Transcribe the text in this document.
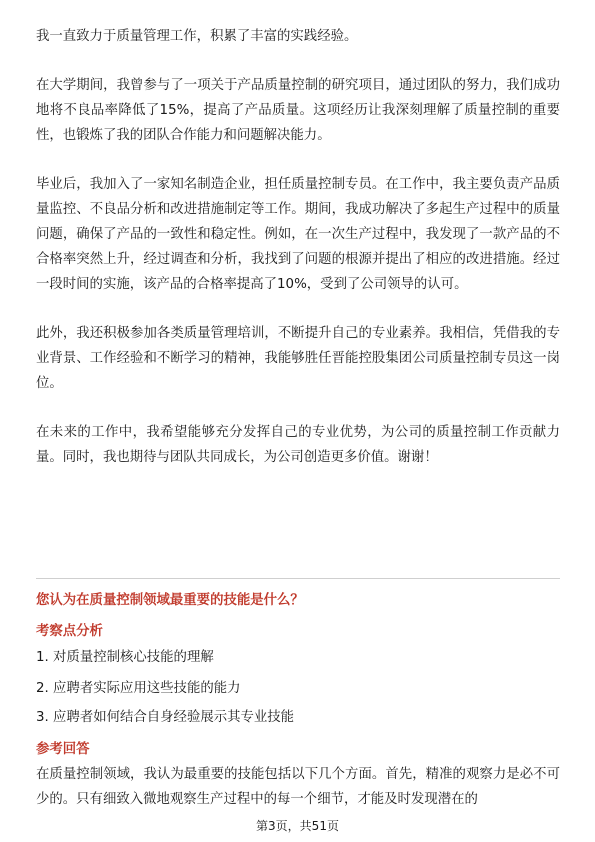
我一直致力于质量管理工作，积累了丰富的实践经验。

在大学期间，我曾参与了一项关于产品质量控制的研究项目，通过团队的努力，我们成功地将不良品率降低了15%，提高了产品质量。这项经历让我深刻理解了质量控制的重要性，也锻炼了我的团队合作能力和问题解决能力。

毕业后，我加入了一家知名制造企业，担任质量控制专员。在工作中，我主要负责产品质量监控、不良品分析和改进措施制定等工作。期间，我成功解决了多起生产过程中的质量问题，确保了产品的一致性和稳定性。例如，在一次生产过程中，我发现了一款产品的不合格率突然上升，经过调查和分析，我找到了问题的根源并提出了相应的改进措施。经过一段时间的实施，该产品的合格率提高了10%，受到了公司领导的认可。

此外，我还积极参加各类质量管理培训，不断提升自己的专业素养。我相信，凭借我的专业背景、工作经验和不断学习的精神，我能够胜任晋能控股集团公司质量控制专员这一岗位。

在未来的工作中，我希望能够充分发挥自己的专业优势，为公司的质量控制工作贡献力量。同时，我也期待与团队共同成长，为公司创造更多价值。谢谢！

您认为在质量控制领域最重要的技能是什么？

考察点分析

1. 对质量控制核心技能的理解

2. 应聘者实际应用这些技能的能力

3. 应聘者如何结合自身经验展示其专业技能

参考回答

在质量控制领域，我认为最重要的技能包括以下几个方面。首先，精准的观察力是必不可少的。只有细致入微地观察生产过程中的每一个细节，才能及时发现潜在的

第3页，共51页
